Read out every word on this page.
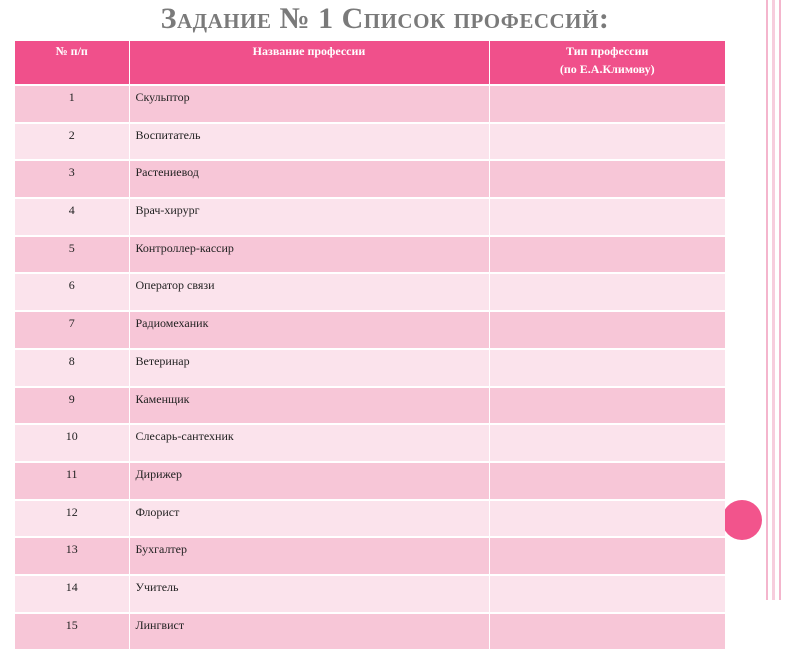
Задание № 1 Список профессий:
№ п/п	Название профессии	Тип профессии
(по Е.А.Климову)

1	Скульптор	
2	Воспитатель	
3	Растениевод	
4	Врач-хирург	
5	Контроллер-кассир	
6	Оператор связи	
7	Радиомеханик	
8	Ветеринар	
9	Каменщик	
10	Слесарь-сантехник	
11	Дирижер	
12	Флорист	
13	Бухгалтер	
14	Учитель	
15	Лингвист	
